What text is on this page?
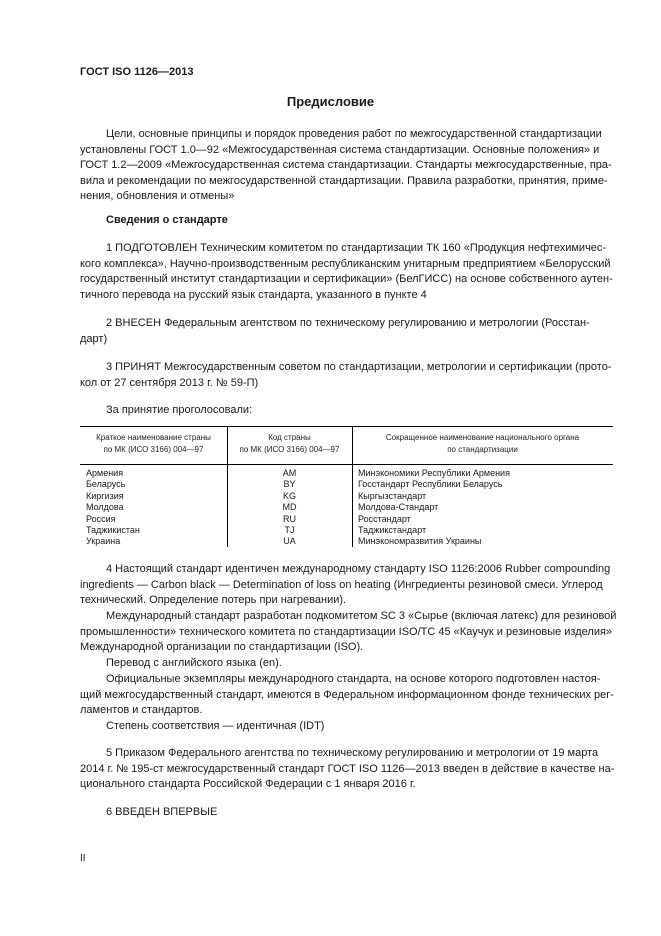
ГОСТ ISO 1126—2013
Предисловие
Цели, основные принципы и порядок проведения работ по межгосударственной стандартизации
установлены ГОСТ 1.0—92 «Межгосударственная система стандартизации. Основные положения» и
ГОСТ 1.2—2009 «Межгосударственная система стандартизации. Стандарты межгосударственные, пра-
вила и рекомендации по межгосударственной стандартизации. Правила разработки, принятия, приме-
нения, обновления и отмены»
Сведения о стандарте
1 ПОДГОТОВЛЕН Техническим комитетом по стандартизации ТК 160 «Продукция нефтехимичес-
кого комплекса», Научно-производственным республиканским унитарным предприятием «Белорусский
государственный институт стандартизации и сертификации» (БелГИСС) на основе собственного аутен-
тичного перевода на русский язык стандарта, указанного в пункте 4
2 ВНЕСЕН Федеральным агентством по техническому регулированию и метрологии (Росстан-
дарт)
3 ПРИНЯТ Межгосударственным советом по стандартизации, метрологии и сертификации (прото-
кол от 27 сентября 2013 г. № 59-П)
За принятие проголосовали:
Краткое наименование страны
по МК (ИСО 3166) 004—97
Код страны
по МК (ИСО 3166) 004—97
Сокращенное наименование национального органа
по стандартизации
Армения
Беларусь
Киргизия
Молдова
Россия
Таджикистан
Украина
AM
BY
KG
MD
RU
TJ
UA
Минэкономики Республики Армения
Госстандарт Республики Беларусь
Кыргызстандарт
Молдова-Стандарт
Росстандарт
Таджикстандарт
Минэкономразвития Украины
4 Настоящий стандарт идентичен международному стандарту ISO 1126:2006 Rubber compounding
ingredients — Carbon black — Determination of loss on heating (Ингредиенты резиновой смеси. Углерод
технический. Определение потерь при нагревании).
Международный стандарт разработан подкомитетом SC 3 «Сырье (включая латекс) для резиновой
промышленности» технического комитета по стандартизации ISO/TC 45 «Каучук и резиновые изделия»
Международной организации по стандартизации (ISO).
Перевод с английского языка (en).
Официальные экземпляры международного стандарта, на основе которого подготовлен настоя-
щий межгосударственный стандарт, имеются в Федеральном информационном фонде технических рег-
ламентов и стандартов.
Степень соответствия — идентичная (IDT)
5 Приказом Федерального агентства по техническому регулированию и метрологии от 19 марта
2014 г. № 195-ст межгосударственный стандарт ГОСТ ISO 1126—2013 введен в действие в качестве на-
ционального стандарта Российской Федерации с 1 января 2016 г.
6 ВВЕДЕН ВПЕРВЫЕ
II
